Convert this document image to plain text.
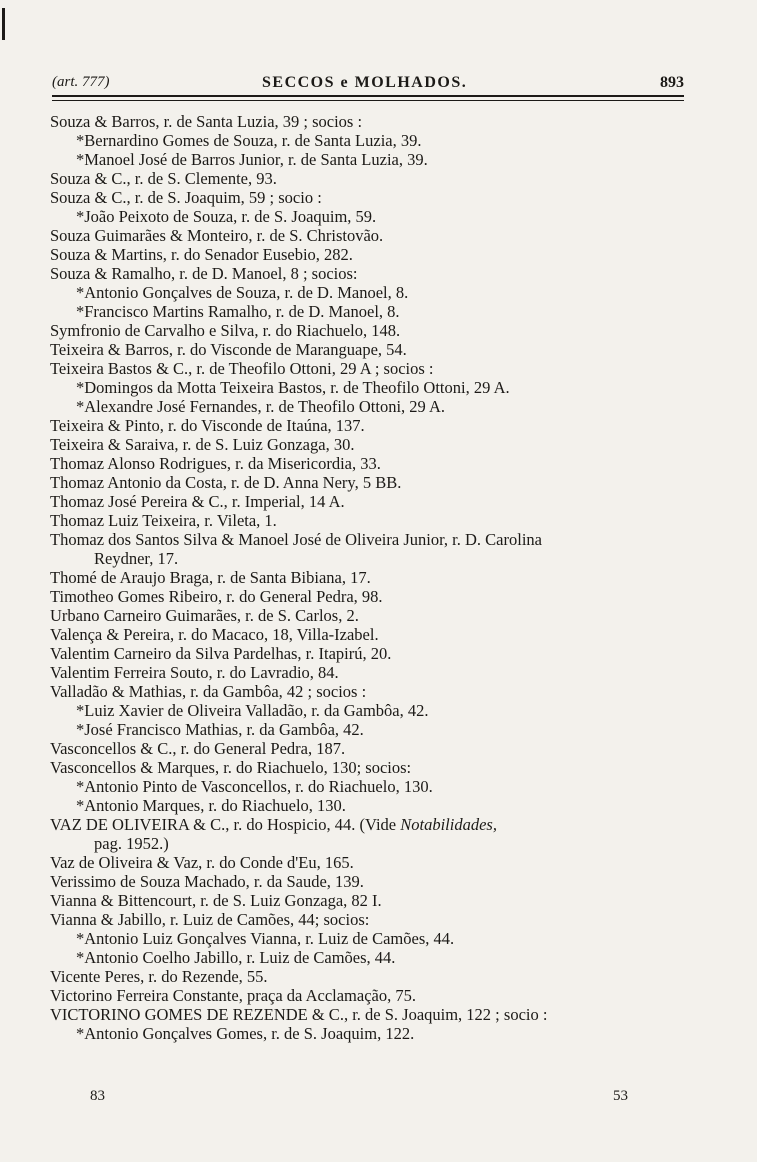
(art. 777)	SECCOS e MOLHADOS.	893
Souza & Barros, r. de Santa Luzia, 39 ; socios :
*Bernardino Gomes de Souza, r. de Santa Luzia, 39.
*Manoel José de Barros Junior, r. de Santa Luzia, 39.
Souza & C., r. de S. Clemente, 93.
Souza & C., r. de S. Joaquim, 59 ; socio :
*João Peixoto de Souza, r. de S. Joaquim, 59.
Souza Guimarães & Monteiro, r. de S. Christovão.
Souza & Martins, r. do Senador Eusebio, 282.
Souza & Ramalho, r. de D. Manoel, 8 ; socios:
*Antonio Gonçalves de Souza, r. de D. Manoel, 8.
*Francisco Martins Ramalho, r. de D. Manoel, 8.
Symfronio de Carvalho e Silva, r. do Riachuelo, 148.
Teixeira & Barros, r. do Visconde de Maranguape, 54.
Teixeira Bastos & C., r. de Theofilo Ottoni, 29 A ; socios :
*Domingos da Motta Teixeira Bastos, r. de Theofilo Ottoni, 29 A.
*Alexandre José Fernandes, r. de Theofilo Ottoni, 29 A.
Teixeira & Pinto, r. do Visconde de Itaúna, 137.
Teixeira & Saraiva, r. de S. Luiz Gonzaga, 30.
Thomaz Alonso Rodrigues, r. da Misericordia, 33.
Thomaz Antonio da Costa, r. de D. Anna Nery, 5 BB.
Thomaz José Pereira & C., r. Imperial, 14 A.
Thomaz Luiz Teixeira, r. Vileta, 1.
Thomaz dos Santos Silva & Manoel José de Oliveira Junior, r. D. Carolina
Reydner, 17.
Thomé de Araujo Braga, r. de Santa Bibiana, 17.
Timotheo Gomes Ribeiro, r. do General Pedra, 98.
Urbano Carneiro Guimarães, r. de S. Carlos, 2.
Valença & Pereira, r. do Macaco, 18, Villa-Izabel.
Valentim Carneiro da Silva Pardelhas, r. Itapirú, 20.
Valentim Ferreira Souto, r. do Lavradio, 84.
Valladão & Mathias, r. da Gambôa, 42 ; socios :
*Luiz Xavier de Oliveira Valladão, r. da Gambôa, 42.
*José Francisco Mathias, r. da Gambôa, 42.
Vasconcellos & C., r. do General Pedra, 187.
Vasconcellos & Marques, r. do Riachuelo, 130; socios:
*Antonio Pinto de Vasconcellos, r. do Riachuelo, 130.
*Antonio Marques, r. do Riachuelo, 130.
VAZ DE OLIVEIRA & C., r. do Hospicio, 44. (Vide Notabilidades,
pag. 1952.)
Vaz de Oliveira & Vaz, r. do Conde d'Eu, 165.
Verissimo de Souza Machado, r. da Saude, 139.
Vianna & Bittencourt, r. de S. Luiz Gonzaga, 82 I.
Vianna & Jabillo, r. Luiz de Camões, 44; socios:
*Antonio Luiz Gonçalves Vianna, r. Luiz de Camões, 44.
*Antonio Coelho Jabillo, r. Luiz de Camões, 44.
Vicente Peres, r. do Rezende, 55.
Victorino Ferreira Constante, praça da Acclamação, 75.
VICTORINO GOMES DE REZENDE & C., r. de S. Joaquim, 122 ; socio :
*Antonio Gonçalves Gomes, r. de S. Joaquim, 122.
83	53
